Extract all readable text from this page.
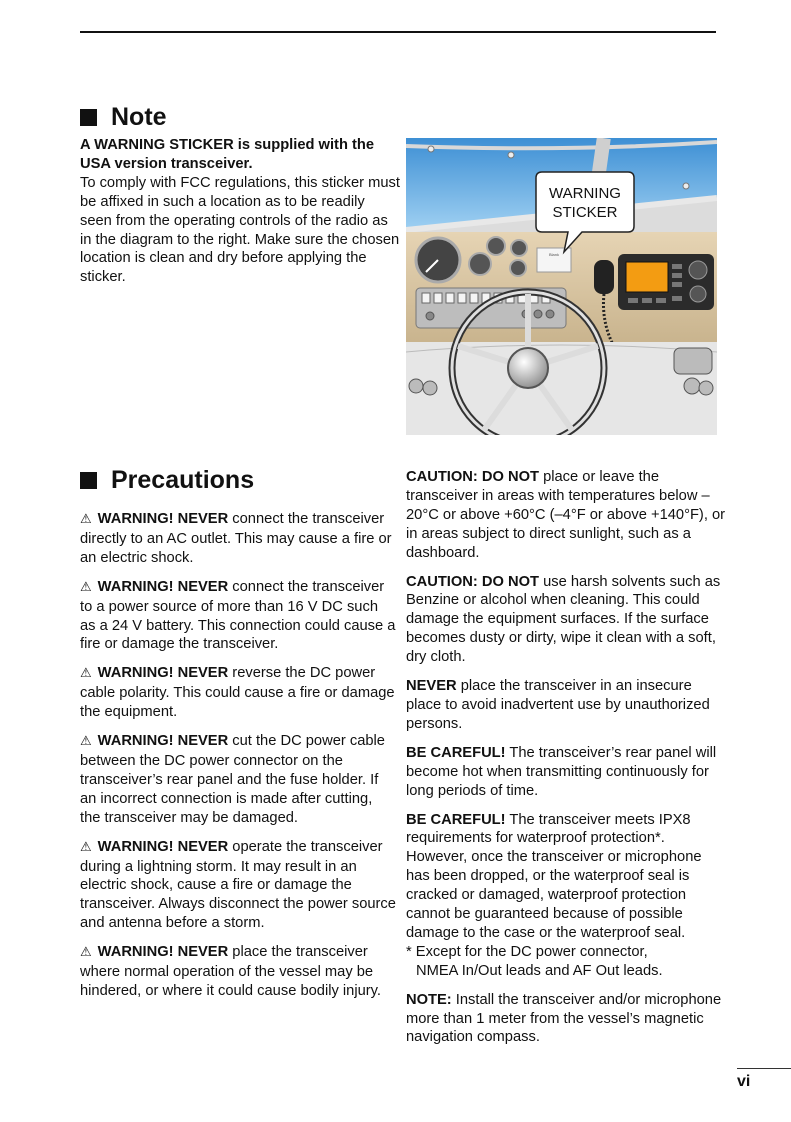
Note
A WARNING STICKER is supplied with the USA version transceiver.
To comply with FCC regulations, this sticker must be affixed in such a location as to be readily seen from the operating controls of the radio as in the diagram to the right. Make sure the chosen location is clean and dry before applying the sticker.
Blank
WARNING
STICKER
Precautions

⚠ WARNING! NEVER connect the transceiver directly to an AC outlet. This may cause a fire or an electric shock.

⚠ WARNING! NEVER connect the transceiver to a power source of more than 16 V DC such as a 24 V battery. This connection could cause a fire or damage the transceiver.

⚠ WARNING! NEVER reverse the DC power cable polarity. This could cause a fire or damage the equipment.

⚠ WARNING! NEVER cut the DC power cable between the DC power connector on the transceiver’s rear panel and the fuse holder. If an incorrect connection is made after cutting, the transceiver may be damaged.

⚠ WARNING! NEVER operate the transceiver during a lightning storm. It may result in an electric shock, cause a fire or damage the transceiver. Always disconnect the power source and antenna before a storm.

⚠ WARNING! NEVER place the transceiver where normal operation of the vessel may be hindered, or where it could cause bodily injury.

CAUTION: DO NOT place or leave the transceiver in areas with temperatures below –20°C or above +60°C (–4°F or above +140°F), or in areas subject to direct sunlight, such as a dashboard.

CAUTION: DO NOT use harsh solvents such as Benzine or alcohol when cleaning. This could damage the equipment surfaces. If the surface becomes dusty or dirty, wipe it clean with a soft, dry cloth.

NEVER place the transceiver in an insecure place to avoid inadvertent use by unauthorized persons.

BE CAREFUL! The transceiver’s rear panel will become hot when transmitting continuously for long periods of time.

BE CAREFUL! The transceiver meets IPX8 requirements for waterproof protection*. However, once the transceiver or microphone has been dropped, or the waterproof seal is cracked or damaged, waterproof protection cannot be guaranteed because of possible damage to the case or the waterproof seal.

* Except for the DC power connector,
NMEA In/Out leads and AF Out leads.

NOTE: Install the transceiver and/or microphone more than 1 meter from the vessel’s magnetic navigation compass.

vi
